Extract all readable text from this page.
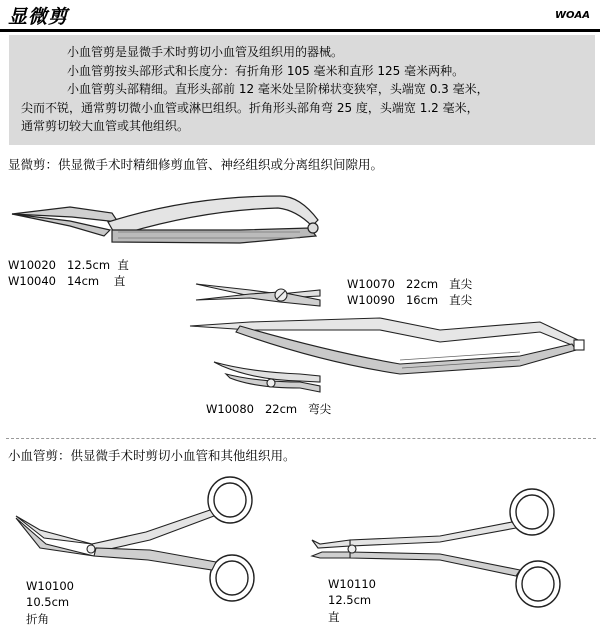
显微剪	WOAA

小血管剪是显微手术时剪切小血管及组织用的器械。

小血管剪按头部形式和长度分：有折角形 105 毫米和直形 125 毫米两种。

小血管剪头部精细。直形头部前 12 毫米处呈阶梯状变狭窄，头端宽 0.3 毫米，

尖而不锐，通常剪切微小血管或淋巴组织。折角形头部角弯 25 度，头端宽 1.2 毫米，

通常剪切较大血管或其他组织。

显微剪：供显微手术时精细修剪血管、神经组织或分离组织间隙用。
W10020 12.5cm 直
W10040 14cm 直	W10070 22cm 直尖
W10090 16cm 直尖
W10080 22cm 弯尖
小血管剪：供显微手术时剪切小血管和其他组织用。
W10100
10.5cm
折角
W10110
12.5cm
直
